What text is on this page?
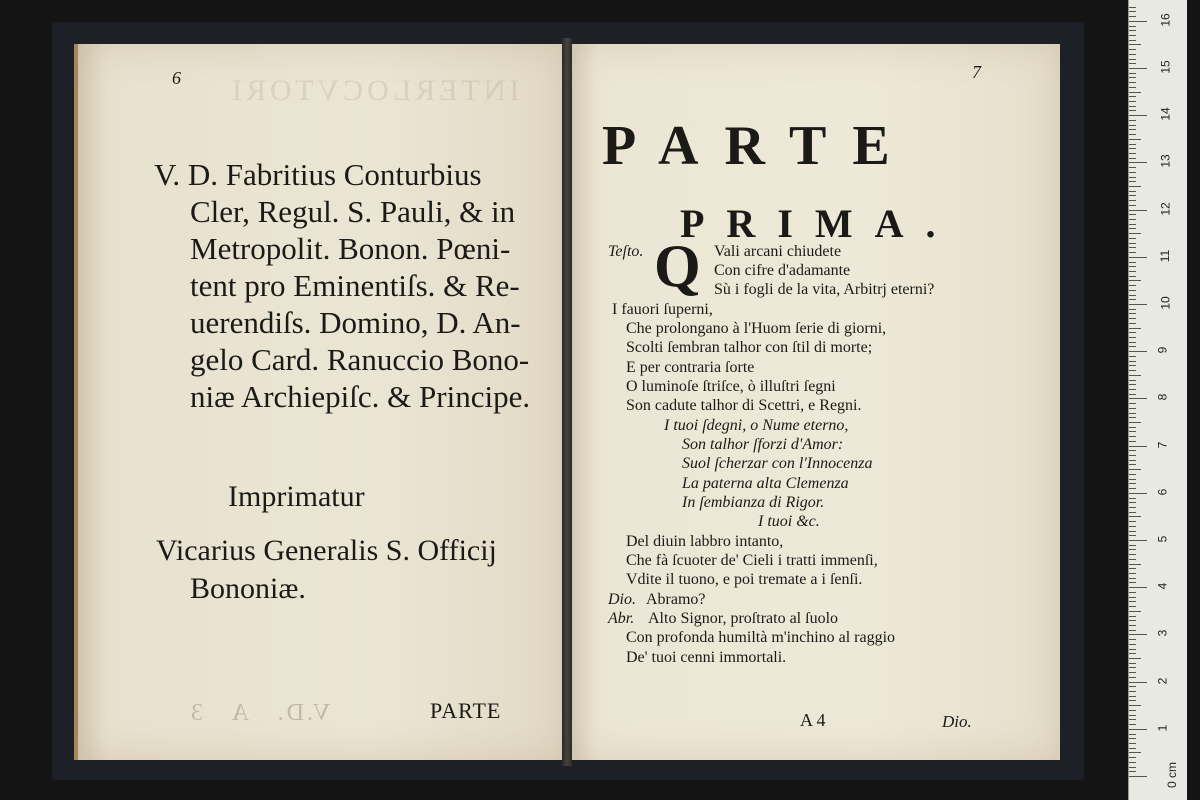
INTERLOCVTORI
6
V. D. Fabritius Conturbius
Cler, Regul. S. Pauli, & in
Metropolit. Bonon. Pœni-
tent pro Eminentiſs. & Re-
uerendiſs. Domino, D. An-
gelo Card. Ranuccio Bono-
niæ Archiepiſc. & Principe.
Imprimatur
Vicarius Generalis S. Officij
Bononiæ.
V.D.   A   3	PARTE
7
PARTE
PRIMA.
Teſto. Q Vali arcani chiudete
Con cifre d'adamante
Sù i fogli de la vita, Arbitrj eterni?
I fauori ſuperni,
Che prolongano à l'Huom ſerie di giorni,
Scolti ſembran talhor con ſtil di morte;
E per contraria ſorte
O luminoſe ſtriſce, ò illuſtri ſegni
Son cadute talhor di Scettri, e Regni.
I tuoi ſdegni, o Nume eterno,
Son talhor ſforzi d'Amor:
Suol ſcherzar con l'Innocenza
La paterna alta Clemenza
In ſembianza di Rigor.
I tuoi &c.
Del diuin labbro intanto,
Che fà ſcuoter de' Cieli i tratti immenſi,
Vdite il tuono, e poi tremate a i ſenſi.
Dio. Abramo?
Abr. Alto Signor, proſtrato al ſuolo
Con profonda humiltà m'inchino al raggio
De' tuoi cenni immortali.
A 4	Dio.
0 cm
1
2
3
4
5
6
7
8
9
10
11
12
13
14
15
16
